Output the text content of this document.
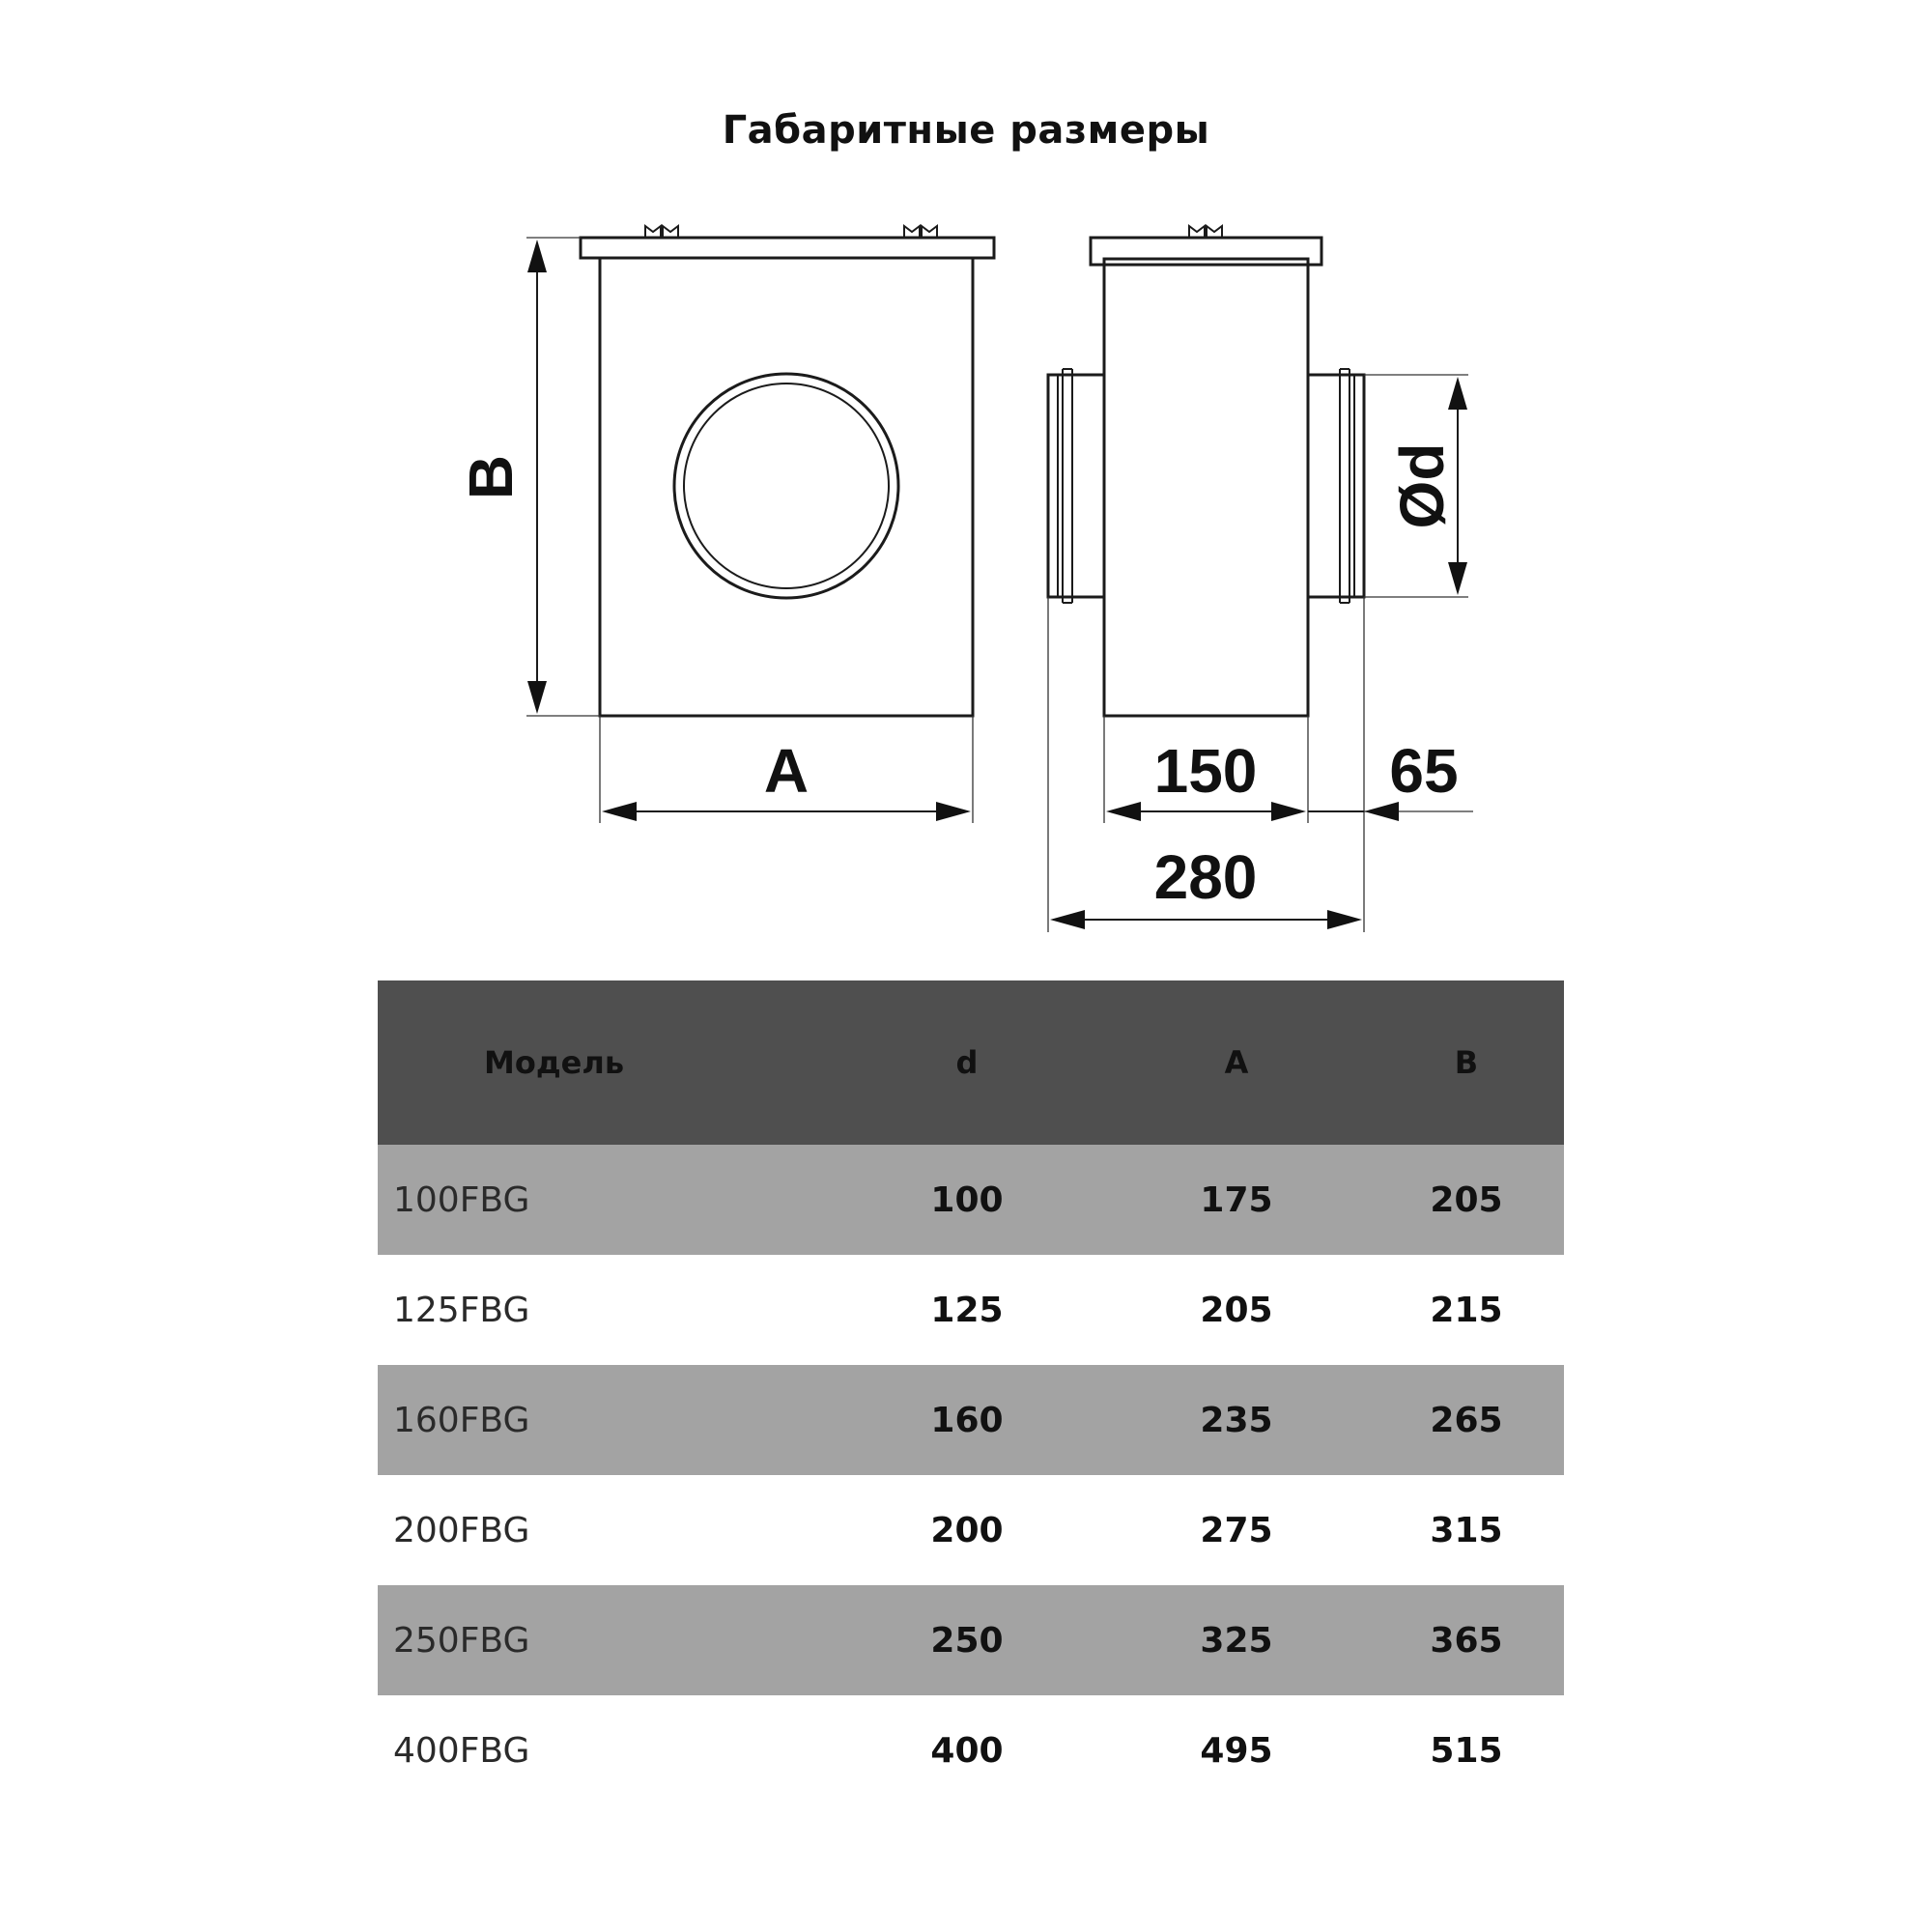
Габаритные размеры
A
B
150 65
280
Ød
Модель	d	A	B
100FBG	100	175	205
125FBG	125	205	215
160FBG	160	235	265
200FBG	200	275	315
250FBG	250	325	365
400FBG	400	495	515
